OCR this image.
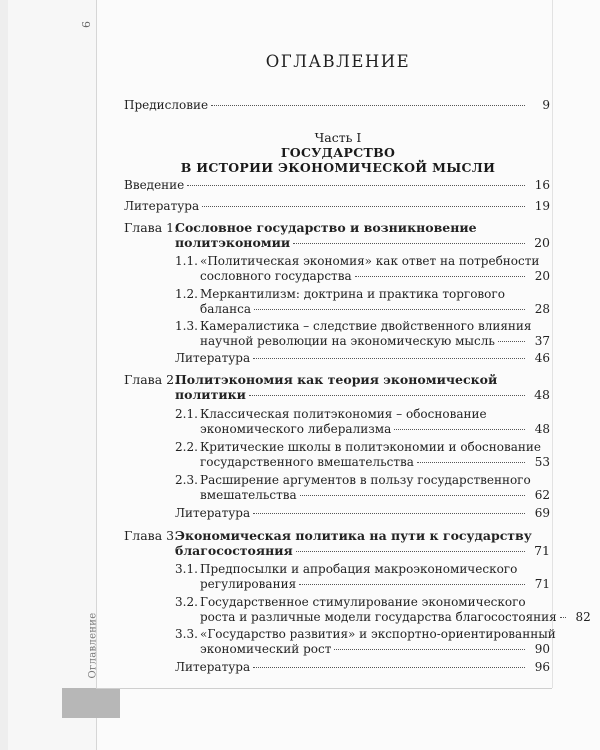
9
Оглавление
ОГЛАВЛЕНИЕ
Предисловие	9
Часть I
ГОСУДАРСТВО
В ИСТОРИИ ЭКОНОМИЧЕСКОЙ МЫСЛИ
Введение	16
Литература	19
Глава 1.
Сословное государство и возникновение
политэкономии	20
1.1. «Политическая экономия» как ответ на потребности
сословного государства	20
1.2. Меркантилизм: доктрина и практика торгового
баланса	28
1.3. Камералистика – следствие двойственного влияния
научной революции на экономическую мысль	37
Литература	46
Глава 2.
Политэкономия как теория экономической
политики	48
2.1. Классическая политэкономия – обоснование
экономического либерализма	48
2.2. Критические школы в политэкономии и обоснование
государственного вмешательства	53
2.3. Расширение аргументов в пользу государственного
вмешательства	62
Литература	69
Глава 3.
Экономическая политика на пути к государству
благосостояния	71
3.1. Предпосылки и апробация макроэкономического
регулирования	71
3.2. Государственное стимулирование экономического
роста и различные модели государства благосостояния	82
3.3. «Государство развития» и экспортно-ориентированный
экономический рост	90
Литература	96
